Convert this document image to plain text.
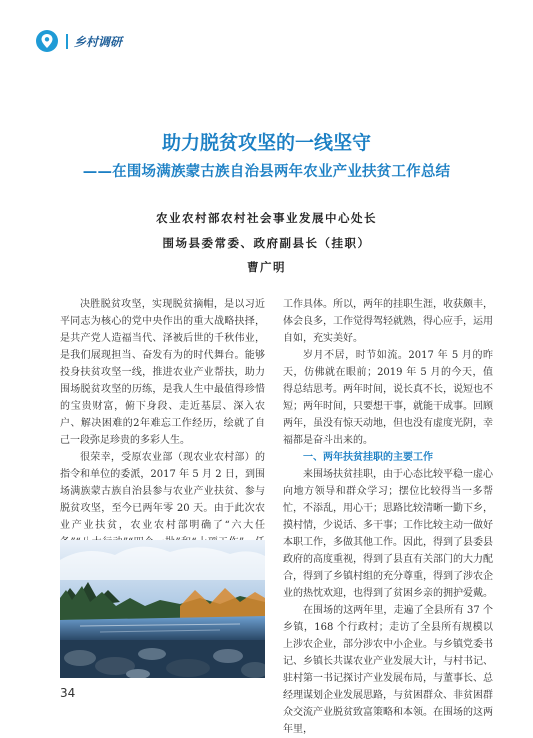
乡村调研
助力脱贫攻坚的一线坚守
——在围场满族蒙古族自治县两年农业产业扶贫工作总结
农业农村部农村社会事业发展中心处长
围场县委常委、政府副县长（挂职）
曹广明

决胜脱贫攻坚，实现脱贫摘帽，是以习近平同志为核心的党中央作出的重大战略抉择，是共产党人造福当代、泽被后世的千秋伟业，是我们展现担当、奋发有为的时代舞台。能够投身扶贫攻坚一线，推进农业产业帮扶，助力围场脱贫攻坚的历练，是我人生中最值得珍惜的宝贵财富，俯下身段、走近基层、深入农户、解决困难的2年难忘工作经历，绘就了自己一段弥足珍贵的多彩人生。

很荣幸，受原农业部（现农业农村部）的指令和单位的委派，2017 年 5 月 2 日，到围场满族蒙古族自治县参与农业产业扶贫、参与脱贫攻坚，至今已两年零 20 天。由于此次农业产业扶贫，农业农村部明确了“六大任

工作具体。所以，两年的挂职生涯，收获颇丰，体会良多，工作觉得驾轻就熟，得心应手，运用自如，充实美好。

岁月不居，时节如流。2017 年 5 月的昨天，仿佛就在眼前；2019 年 5 月的今天，值得总结思考。两年时间，说长真不长，说短也不短；两年时间，只要想干事，就能干成事。回顾两年，虽没有惊天动地，但也没有虚度光阴，幸福都是奋斗出来的。

一、两年扶贫挂职的主要工作

来围场扶贫挂职，由于心态比较平稳一虚心向地方领导和群众学习；摆位比较得当一多帮忙，不添乱，用心干；思路比较清晰一勤下乡，摸村情，少说话、多干事；工作比较主动一做好本职工作，多做其他工作。因此，得到了县委县政府的高度重视，得到了县直有关部门的大力配合，得到了乡镇村组的充分尊重，得到了涉农企业的热忱欢迎，也得到了贫困乡亲的拥护爱戴。

在围场的这两年里，走遍了全县所有 37 个乡镇，168 个行政村；走访了全县所有规模以上涉农企业，部分涉农中小企业。与乡镇党委书记、乡镇长共谋农业产业发展大计，与村书记、驻村第一书记探讨产业发展布局，与董事长、总经理谋划企业发展思路，与贫困群众、非贫困群众交流产业脱贫致富策略和本领。在围场的这两年里，

34
